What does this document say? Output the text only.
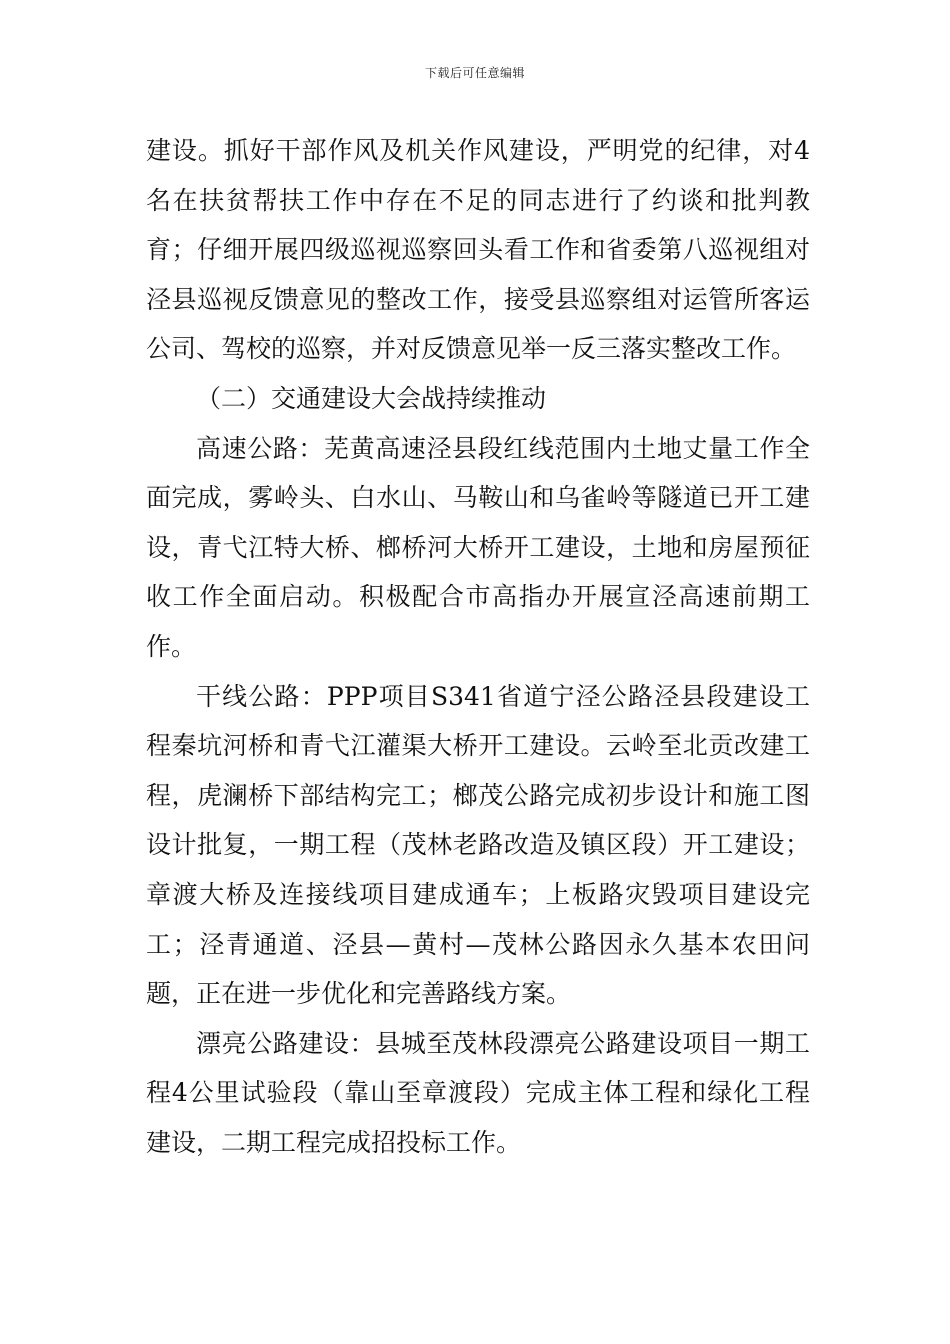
下载后可任意编辑

建设。抓好干部作风及机关作风建设，严明党的纪律，对4名在扶贫帮扶工作中存在不足的同志进行了约谈和批判教育；仔细开展四级巡视巡察回头看工作和省委第八巡视组对泾县巡视反馈意见的整改工作，接受县巡察组对运管所客运公司、驾校的巡察，并对反馈意见举一反三落实整改工作。

（二）交通建设大会战持续推动

高速公路：芜黄高速泾县段红线范围内土地丈量工作全面完成，雾岭头、白水山、马鞍山和乌雀岭等隧道已开工建设，青弋江特大桥、榔桥河大桥开工建设，土地和房屋预征收工作全面启动。积极配合市高指办开展宣泾高速前期工作。

干线公路：PPP项目S341省道宁泾公路泾县段建设工程秦坑河桥和青弋江灌渠大桥开工建设。云岭至北贡改建工程，虎澜桥下部结构完工；榔茂公路完成初步设计和施工图设计批复，一期工程（茂林老路改造及镇区段）开工建设；章渡大桥及连接线项目建成通车；上板路灾毁项目建设完工；泾青通道、泾县—黄村—茂林公路因永久基本农田问题，正在进一步优化和完善路线方案。

漂亮公路建设：县城至茂林段漂亮公路建设项目一期工程4公里试验段（靠山至章渡段）完成主体工程和绿化工程建设，二期工程完成招投标工作。
